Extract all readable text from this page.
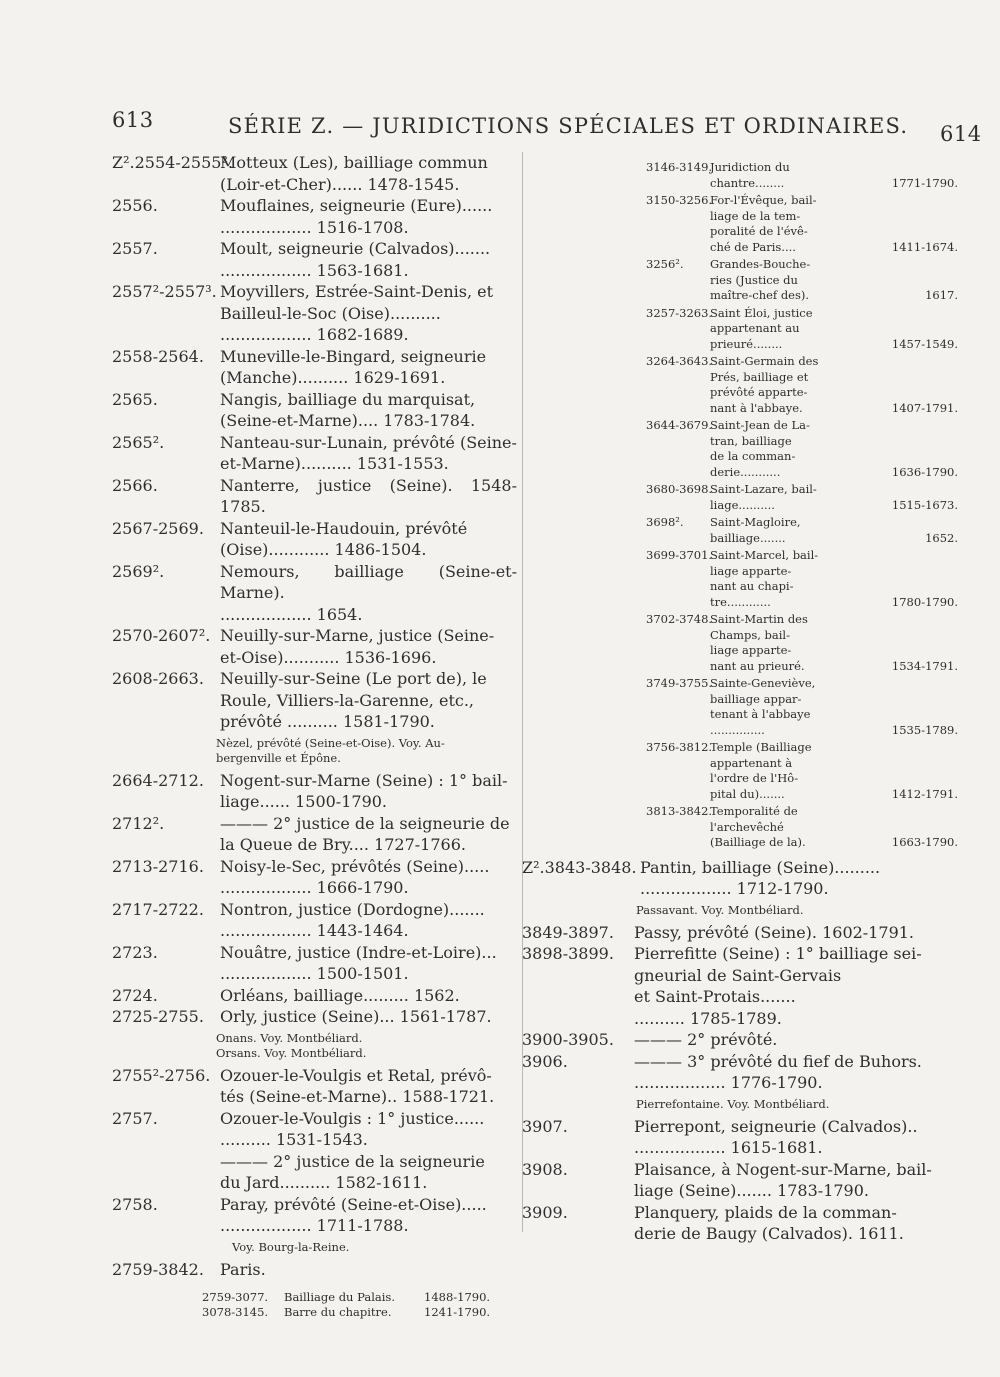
613	SÉRIE Z. — JURIDICTIONS SPÉCIALES ET ORDINAIRES. 614
Z².2554-2555².
Motteux (Les), bailliage commun
(Loir-et-Cher)...... 1478-1545.
2556.	Mouflaines, seigneurie (Eure)......
.................. 1516-1708.
2557.	Moult, seigneurie (Calvados).......
.................. 1563-1681.
2557²-2557³. Moyvillers, Estrée-Saint-Denis, et
Bailleul-le-Soc (Oise)..........
.................. 1682-1689.
2558-2564. Muneville-le-Bingard, seigneurie
(Manche).......... 1629-1691.
2565.	Nangis, bailliage du marquisat,
(Seine-et-Marne).... 1783-1784.
2565².	Nanteau-sur-Lunain, prévôté (Seine-
et-Marne).......... 1531-1553.
2566.	Nanterre, justice (Seine). 1548-1785.
2567-2569. Nanteuil-le-Haudouin, prévôté
(Oise)............ 1486-1504.
2569².	Nemours, bailliage (Seine-et-Marne).
.................. 1654.
2570-2607². Neuilly-sur-Marne, justice (Seine-
et-Oise)........... 1536-1696.
2608-2663. Neuilly-sur-Seine (Le port de), le
Roule, Villiers-la-Garenne, etc.,
prévôté .......... 1581-1790.
Nèzel, prévôté (Seine-et-Oise). Voy. Au-
bergenville et Épône.
2664-2712. Nogent-sur-Marne (Seine) : 1° bail-
liage...... 1500-1790.
2712².	——— 2° justice de la seigneurie de
la Queue de Bry.... 1727-1766.
2713-2716. Noisy-le-Sec, prévôtés (Seine).....
.................. 1666-1790.
2717-2722. Nontron, justice (Dordogne).......
.................. 1443-1464.
2723.	Nouâtre, justice (Indre-et-Loire)...
.................. 1500-1501.
2724.	Orléans, bailliage......... 1562.
2725-2755. Orly, justice (Seine)... 1561-1787.
Onans. Voy. Montbéliard.
Orsans. Voy. Montbéliard.
2755²-2756. Ozouer-le-Voulgis et Retal, prévô-
tés (Seine-et-Marne).. 1588-1721.
2757.	Ozouer-le-Voulgis : 1° justice......
.......... 1531-1543.
——— 2° justice de la seigneurie
du Jard.......... 1582-1611.
2758.	Paray, prévôté (Seine-et-Oise).....
.................. 1711-1788.
Voy. Bourg-la-Reine.
2759-3842. Paris.
2759-3077.	Bailliage du Palais.	1488-1790.
3078-3145.	Barre du chapitre.	1241-1790.
3146-3149.
Juridiction du
chantre........	1771-1790.
3150-3256.
For-l'Évêque, bail-
liage de la tem-
poralité de l'évê-
ché de Paris....	1411-1674.
3256². Grandes-Bouche-
ries (Justice du
maître-chef des).	1617.
3257-3263.
Saint Éloi, justice
appartenant au
prieuré........	1457-1549.
3264-3643.
Saint-Germain des
Prés, bailliage et
prévôté apparte-
nant à l'abbaye.	1407-1791.
3644-3679.
Saint-Jean de La-
tran, bailliage
de la comman-
derie...........	1636-1790.
3680-3698.
Saint-Lazare, bail-
liage..........	1515-1673.
3698². Saint-Magloire,
bailliage.......	1652.
3699-3701.
Saint-Marcel, bail-
liage apparte-
nant au chapi-
tre............	1780-1790.
3702-3748.
Saint-Martin des
Champs, bail-
liage apparte-
nant au prieuré.	1534-1791.
3749-3755.
Sainte-Geneviève,
bailliage appar-
tenant à l'abbaye
...............	1535-1789.
3756-3812.
Temple (Bailliage
appartenant à
l'ordre de l'Hô-
pital du).......	1412-1791.
3813-3842.
Temporalité de
l'archevêché
(Bailliage de la).	1663-1790.
Z².3843-3848. Pantin, bailliage (Seine).........
.................. 1712-1790.
Passavant. Voy. Montbéliard.
3849-3897. Passy, prévôté (Seine). 1602-1791.
3898-3899. Pierrefitte (Seine) : 1° bailliage sei-
gneurial de Saint-Gervais
et Saint-Protais.......
.......... 1785-1789.
3900-3905. ——— 2° prévôté.
3906.	——— 3° prévôté du fief de Buhors.
.................. 1776-1790.
Pierrefontaine. Voy. Montbéliard.
3907.	Pierrepont, seigneurie (Calvados)..
.................. 1615-1681.
3908.	Plaisance, à Nogent-sur-Marne, bail-
liage (Seine)....... 1783-1790.
3909.	Planquery, plaids de la comman-
derie de Baugy (Calvados). 1611.
